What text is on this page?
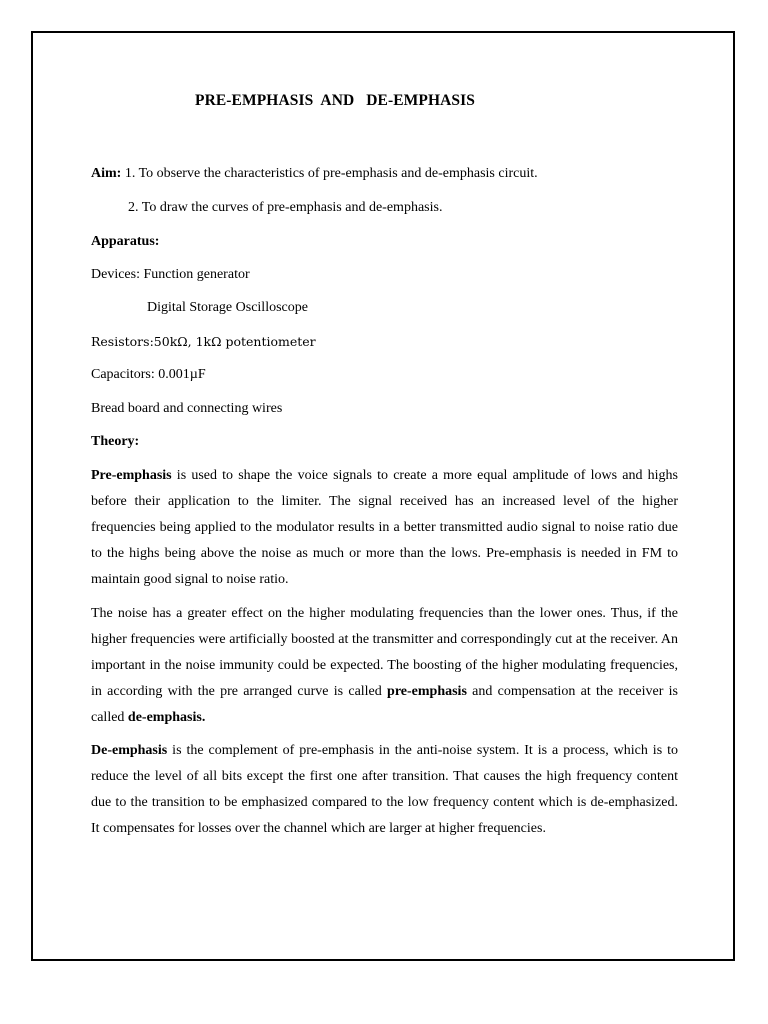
PRE-EMPHASIS  AND   DE-EMPHASIS
Aim: 1. To observe the characteristics of pre-emphasis and de-emphasis circuit.
2. To draw the curves of pre-emphasis and de-emphasis.
Apparatus:
Devices: Function generator
Digital Storage Oscilloscope
Resistors:50kΩ, 1kΩ potentiometer
Capacitors: 0.001µF
Bread board and connecting wires
Theory:
Pre-emphasis is used to shape the voice signals to create a more equal amplitude of lows and highs before their application to the limiter. The signal received has an increased level of the higher frequencies being applied to the modulator results in a better transmitted audio signal to noise ratio due to the highs being above the noise as much or more than the lows. Pre-emphasis is needed in FM to maintain good signal to noise ratio.
The noise has a greater effect on the higher modulating frequencies than the lower ones. Thus, if the higher frequencies were artificially boosted at the transmitter and correspondingly cut at the receiver. An important in the noise immunity could be expected. The boosting of the higher modulating frequencies, in according with the pre arranged curve is called pre-emphasis and compensation at the receiver is called de-emphasis.
De-emphasis is the complement of pre-emphasis in the anti-noise system. It is a process, which is to reduce the level of all bits except the first one after transition. That causes the high frequency content due to the transition to be emphasized compared to the low frequency content which is de-emphasized. It compensates for losses over the channel which are larger at higher frequencies.
